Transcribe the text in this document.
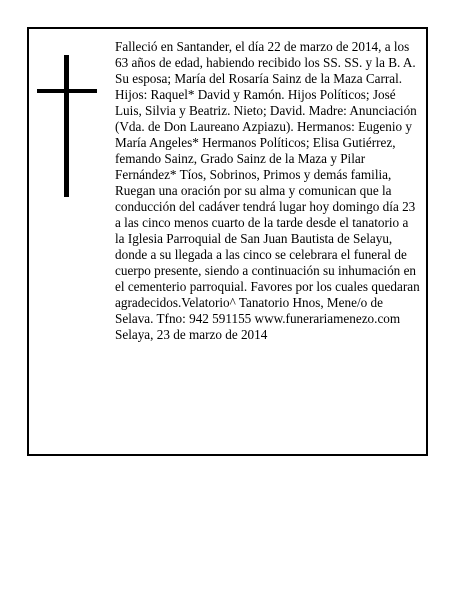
Falleció en Santander, el día 22 de marzo de 2014, a los 63 años de edad, habiendo recibido los SS. SS. y la B. A.

Su esposa; María del Rosaría Sainz de la Maza Carral. Hijos: Raquel* David y Ramón. Hijos Políticos; José Luis, Silvia y Beatriz. Nieto; David. Madre: Anunciación (Vda. de Don Laureano Azpiazu). Hermanos: Eugenio y María Angeles* Hermanos Políticos; Elisa Gutiérrez, femando Sainz, Grado Sainz de la Maza y Pilar Fernández* Tíos, Sobrinos, Primos y demás familia,

Ruegan una oración por su alma y comunican que la conducción del cadáver tendrá lugar hoy domingo día 23 a las cinco menos cuarto de la tarde desde el tanatorio a la Iglesia Parroquial de San Juan Bautista de Selayu, donde a su llegada a las cinco se celebrara el funeral de cuerpo presente, siendo a continuación su inhumación en el cementerio parroquial. Favores por los cuales quedaran agradecidos.Velatorio^ Tanatorio Hnos, Mene/o de Selava. Tfno: 942 591155 www.funerariamenezo.com Selaya, 23 de marzo de 2014
